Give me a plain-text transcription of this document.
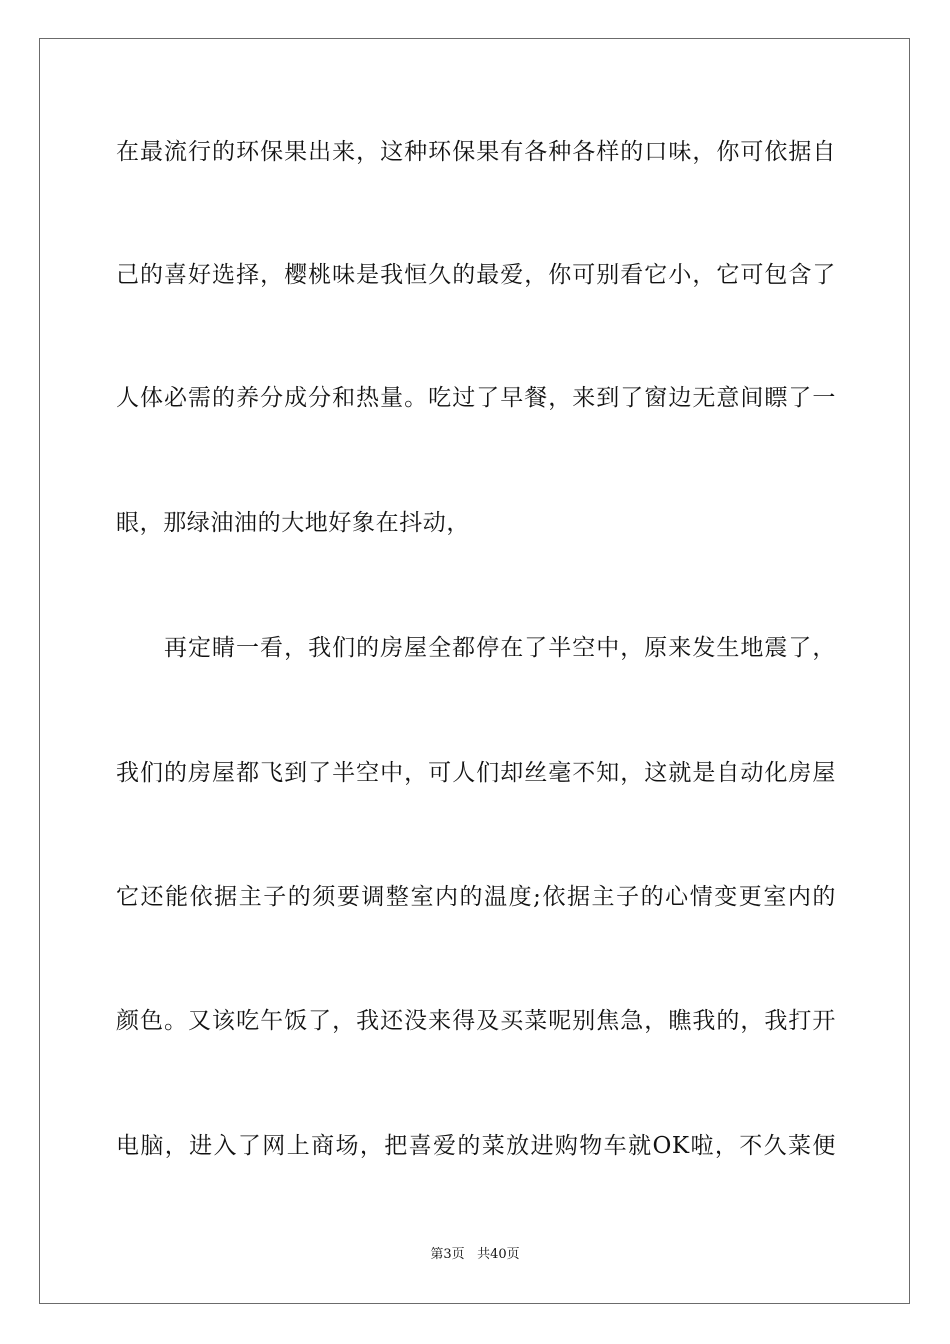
在最流行的环保果出来，这种环保果有各种各样的口味，你可依据自
己的喜好选择，樱桃味是我恒久的最爱，你可别看它小，它可包含了
人体必需的养分成分和热量。吃过了早餐，来到了窗边无意间瞟了一
眼，那绿油油的大地好象在抖动，
再定睛一看，我们的房屋全都停在了半空中，原来发生地震了，
我们的房屋都飞到了半空中，可人们却丝毫不知，这就是自动化房屋
它还能依据主子的须要调整室内的温度;依据主子的心情变更室内的
颜色。又该吃午饭了，我还没来得及买菜呢别焦急，瞧我的，我打开
电脑，进入了网上商场，把喜爱的菜放进购物车就OK啦，不久菜便
第3页 共40页
